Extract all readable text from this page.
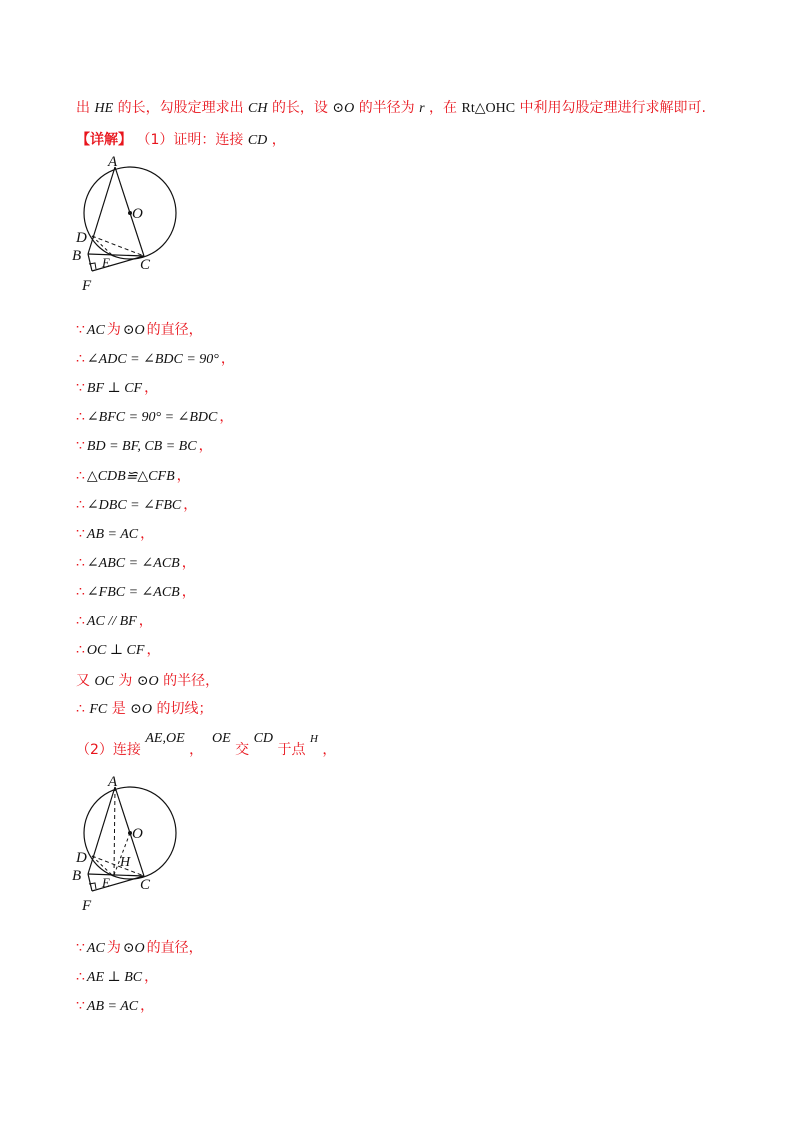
出 HE 的长，勾股定理求出 CH 的长，设 ⊙O 的半径为 r ，在 Rt△OHC 中利用勾股定理进行求解即可.
【详解】 （1）证明：连接 CD ，
A
O
D
B E C
F
∵ AC 为 ⊙O 的直径，
∴ ∠ADC = ∠BDC = 90° ，
∵ BF ⊥ CF ，
∴ ∠BFC = 90° = ∠BDC ，
∵ BD = BF, CB = BC ，
∴ △CDB≌△CFB ，
∴ ∠DBC = ∠FBC ，
∵ AB = AC ，
∴ ∠ABC = ∠ACB ，
∴ ∠FBC = ∠ACB ，
∴ AC // BF ，
∴ OC ⊥ CF ，
又 OC 为 ⊙O 的半径，
∴ FC 是 ⊙O 的切线；
（2）连接 AE,OE ，  OE 交 CD 于点 $^H$ ，
A
O
D H
B E C
F
∵ AC 为 ⊙O 的直径，
∴ AE ⊥ BC ，
∵ AB = AC ，
